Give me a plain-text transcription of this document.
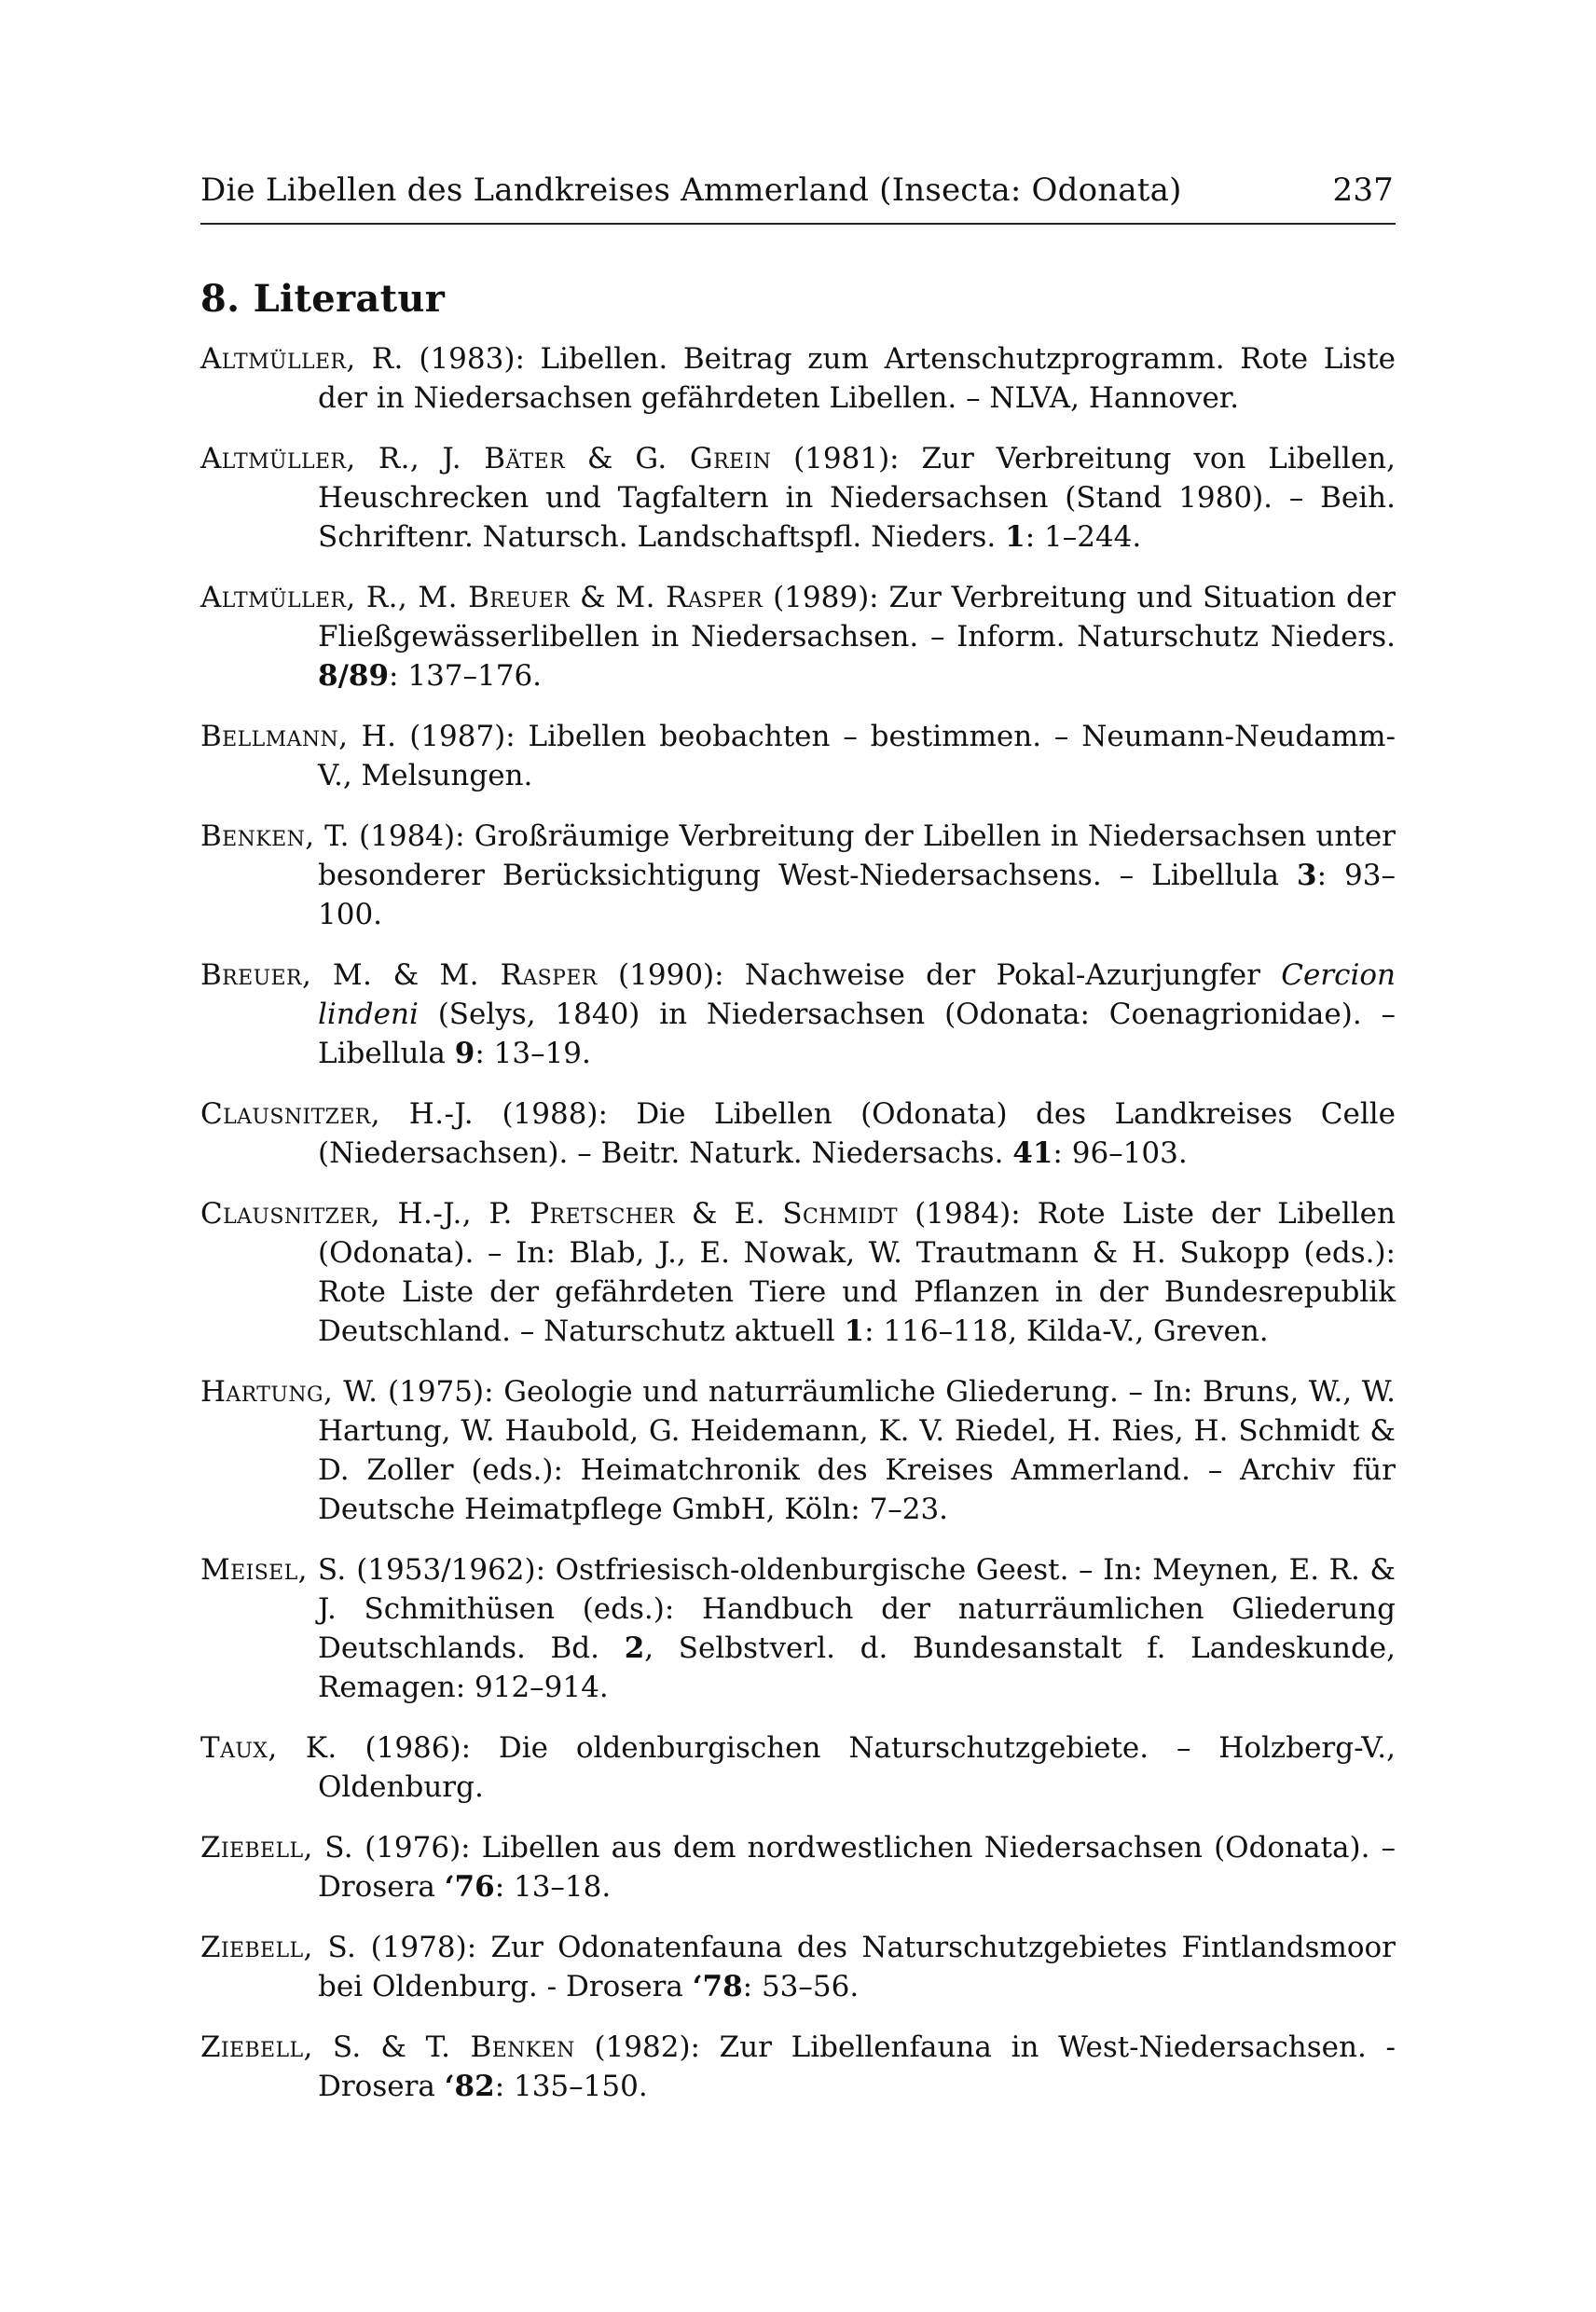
Die Libellen des Landkreises Ammerland (Insecta: Odonata)	237
8. Literatur
Altmüller, R. (1983): Libellen. Beitrag zum Artenschutzprogramm. Rote Liste der in Niedersachsen gefährdeten Libellen. – NLVA, Hannover.
Altmüller, R., J. Bäter & G. Grein (1981): Zur Verbreitung von Libellen, Heuschrecken und Tagfaltern in Niedersachsen (Stand 1980). – Beih. Schriftenr. Natursch. Landschaftspfl. Nieders. 1: 1–244.
Altmüller, R., M. Breuer & M. Rasper (1989): Zur Verbreitung und Situation der Fließgewässerlibellen in Niedersachsen. – Inform. Naturschutz Nieders. 8/89: 137–176.
Bellmann, H. (1987): Libellen beobachten – bestimmen. – Neumann-Neudamm-V., Melsungen.
Benken, T. (1984): Großräumige Verbreitung der Libellen in Niedersachsen unter besonderer Berücksichtigung West-Niedersachsens. – Libellula 3: 93–100.
Breuer, M. & M. Rasper (1990): Nachweise der Pokal-Azurjungfer Cercion lindeni (Selys, 1840) in Niedersachsen (Odonata: Coenagrionidae). – Libellula 9: 13–19.
Clausnitzer, H.-J. (1988): Die Libellen (Odonata) des Landkreises Celle (Niedersachsen). – Beitr. Naturk. Niedersachs. 41: 96–103.
Clausnitzer, H.-J., P. Pretscher & E. Schmidt (1984): Rote Liste der Libellen (Odonata). – In: Blab, J., E. Nowak, W. Trautmann & H. Sukopp (eds.): Rote Liste der gefährdeten Tiere und Pflanzen in der Bundesrepublik Deutschland. – Naturschutz aktuell 1: 116–118, Kilda-V., Greven.
Hartung, W. (1975): Geologie und naturräumliche Gliederung. – In: Bruns, W., W. Hartung, W. Haubold, G. Heidemann, K. V. Riedel, H. Ries, H. Schmidt & D. Zoller (eds.): Heimatchronik des Kreises Ammerland. – Archiv für Deutsche Heimatpflege GmbH, Köln: 7–23.
Meisel, S. (1953/1962): Ostfriesisch-oldenburgische Geest. – In: Meynen, E. R. & J. Schmithüsen (eds.): Handbuch der naturräumlichen Gliederung Deutschlands. Bd. 2, Selbstverl. d. Bundesanstalt f. Landeskunde, Remagen: 912–914.
Taux, K. (1986): Die oldenburgischen Naturschutzgebiete. – Holzberg-V., Oldenburg.
Ziebell, S. (1976): Libellen aus dem nordwestlichen Niedersachsen (Odonata). – Drosera ‘76: 13–18.
Ziebell, S. (1978): Zur Odonatenfauna des Naturschutzgebietes Fintlandsmoor bei Oldenburg. - Drosera ‘78: 53–56.
Ziebell, S. & T. Benken (1982): Zur Libellenfauna in West-Niedersachsen. - Drosera ‘82: 135–150.
